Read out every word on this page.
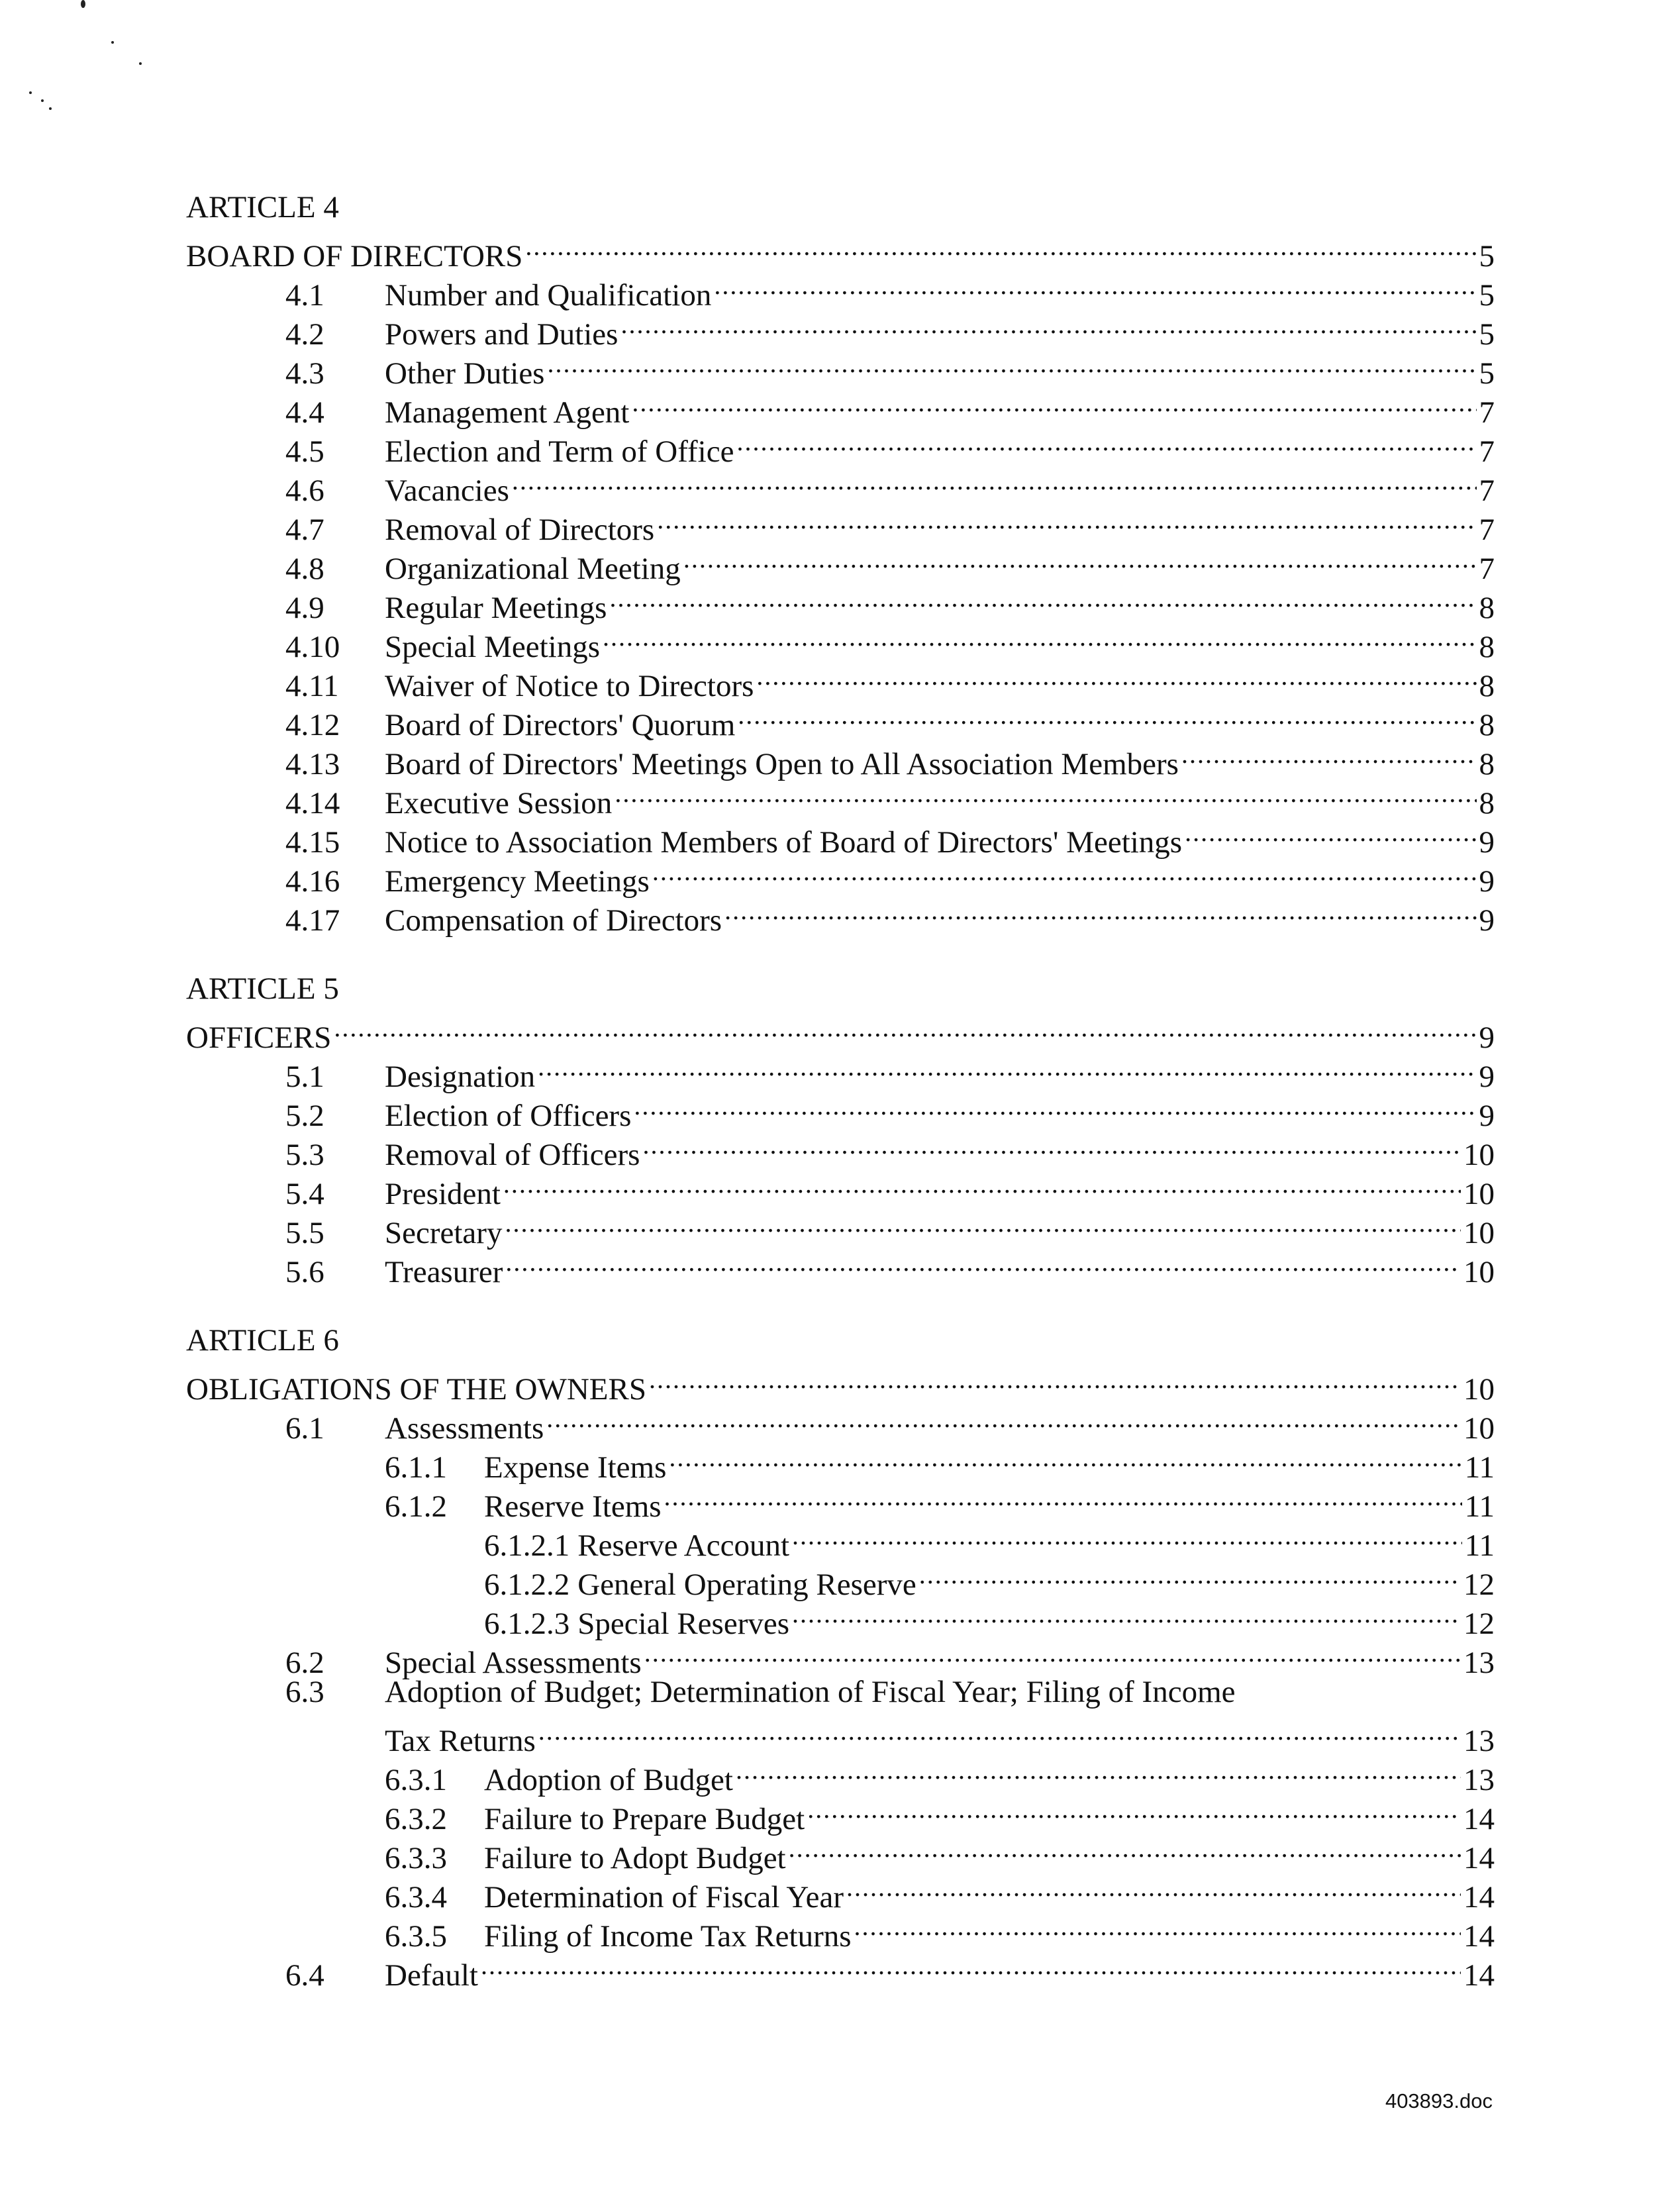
ARTICLE 4
BOARD OF DIRECTORS .....	5
4.1	Number and Qualification .....	5
4.2	Powers and Duties .....	5
4.3	Other Duties .....	5
4.4	Management Agent .....	7
4.5	Election and Term of Office .....	7
4.6	Vacancies .....	7
4.7	Removal of Directors .....	7
4.8	Organizational Meeting .....	7
4.9	Regular Meetings .....	8
4.10	Special Meetings .....	8
4.11	Waiver of Notice to Directors .....	8
4.12	Board of Directors' Quorum .....	8
4.13	Board of Directors' Meetings Open to All Association Members .....	8
4.14	Executive Session .....	8
4.15	Notice to Association Members of Board of Directors' Meetings .....	9
4.16	Emergency Meetings .....	9
4.17	Compensation of Directors .....	9
ARTICLE 5
OFFICERS .....	9
5.1	Designation .....	9
5.2	Election of Officers .....	9
5.3	Removal of Officers .....	10
5.4	President .....	10
5.5	Secretary .....	10
5.6	Treasurer .....	10
ARTICLE 6
OBLIGATIONS OF THE OWNERS .....	10
6.1	Assessments .....	10
6.1.1	Expense Items .....	11
6.1.2	Reserve Items .....	11
6.1.2.1 Reserve Account .....	11
6.1.2.2 General Operating Reserve .....	12
6.1.2.3 Special Reserves .....	12
6.2	Special Assessments .....	13
6.3	Adoption of Budget; Determination of Fiscal Year; Filing of Income
Tax Returns .....	13
6.3.1	Adoption of Budget .....	13
6.3.2	Failure to Prepare Budget .....	14
6.3.3	Failure to Adopt Budget .....	14
6.3.4	Determination of Fiscal Year .....	14
6.3.5	Filing of Income Tax Returns .....	14
6.4	Default .....	14
403893.doc
